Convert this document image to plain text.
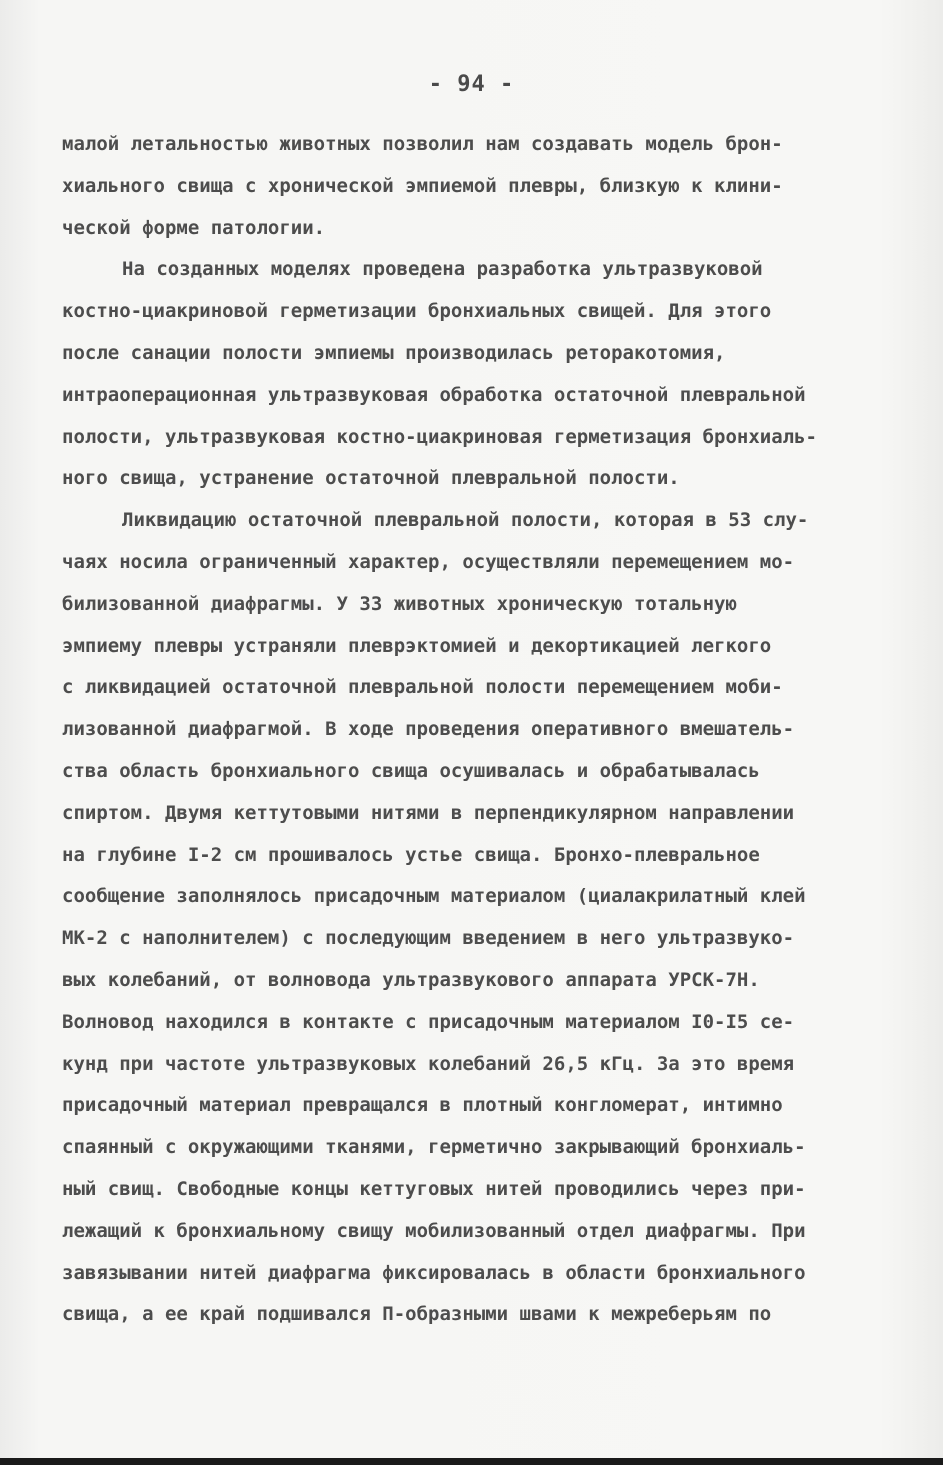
- 94 -
малой летальностью животных позволил нам создавать модель брон-
хиального свища с хронической эмпиемой плевры, близкую к клини-
ческой форме патологии.
На созданных моделях проведена разработка ультразвуковой
костно-циакриновой герметизации бронхиальных свищей. Для этого
после санации полости эмпиемы производилась реторакотомия,
интраоперационная ультразвуковая обработка остаточной плевральной
полости, ультразвуковая костно-циакриновая герметизация бронхиаль-
ного свища, устранение остаточной плевральной полости.
Ликвидацию остаточной плевральной полости, которая в 53 слу-
чаях носила ограниченный характер, осуществляли перемещением мо-
билизованной диафрагмы. У 33 животных хроническую тотальную
эмпиему плевры устраняли плеврэктомией и декортикацией легкого
с ликвидацией остаточной плевральной полости перемещением моби-
лизованной диафрагмой. В ходе проведения оперативного вмешатель-
ства область бронхиального свища осушивалась и обрабатывалась
спиртом. Двумя кеттутовыми нитями в перпендикулярном направлении
на глубине I-2 см прошивалось устье свища. Бронхо-плевральное
сообщение заполнялось присадочным материалом (циалакрилатный клей
МК-2 с наполнителем) с последующим введением в него ультразвуко-
вых колебаний, от волновода ультразвукового аппарата УРСК-7Н.
Волновод находился в контакте с присадочным материалом I0-I5 се-
кунд при частоте ультразвуковых колебаний 26,5 кГц. За это время
присадочный материал превращался в плотный конгломерат, интимно
спаянный с окружающими тканями, герметично закрывающий бронхиаль-
ный свищ. Свободные концы кеттуговых нитей проводились через при-
лежащий к бронхиальному свищу мобилизованный отдел диафрагмы. При
завязывании нитей диафрагма фиксировалась в области бронхиального
свища, а ее край подшивался П-образными швами к межреберьям по
